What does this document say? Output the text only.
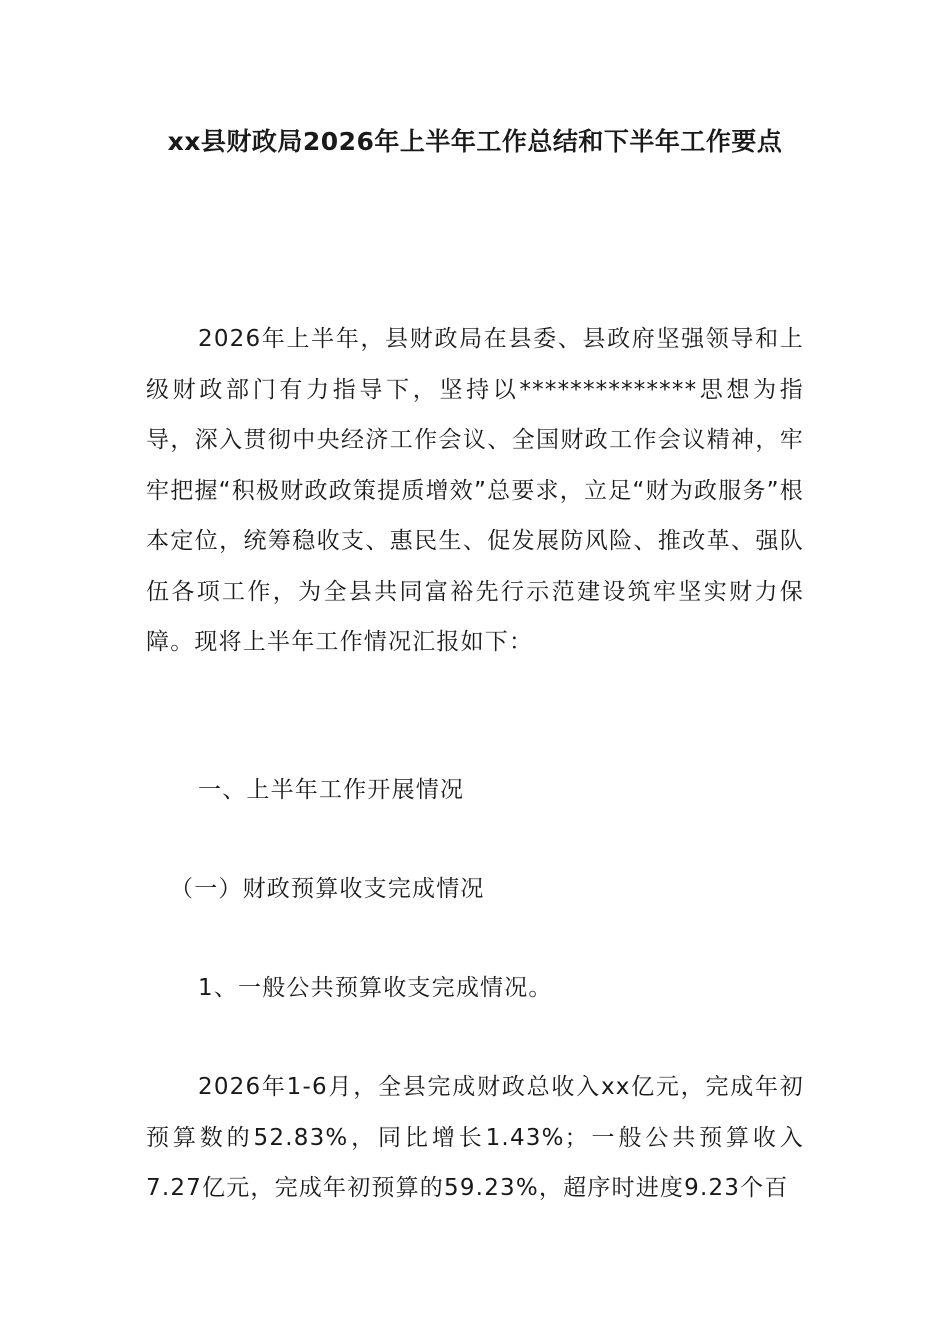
xx县财政局2026年上半年工作总结和下半年工作要点

2026年上半年，县财政局在县委、县政府坚强领导和上级财政部门有力指导下，坚持以**************思想为指导，深入贯彻中央经济工作会议、全国财政工作会议精神，牢牢把握“积极财政政策提质增效”总要求，立足“财为政服务”根本定位，统筹稳收支、惠民生、促发展防风险、推改革、强队伍各项工作，为全县共同富裕先行示范建设筑牢坚实财力保障。现将上半年工作情况汇报如下：

一、上半年工作开展情况

（一）财政预算收支完成情况

1、一般公共预算收支完成情况。

2026年1-6月，全县完成财政总收入xx亿元，完成年初预算数的52.83%，同比增长1.43%；一般公共预算收入7.27亿元，完成年初预算的59.23%，超序时进度9.23个百
